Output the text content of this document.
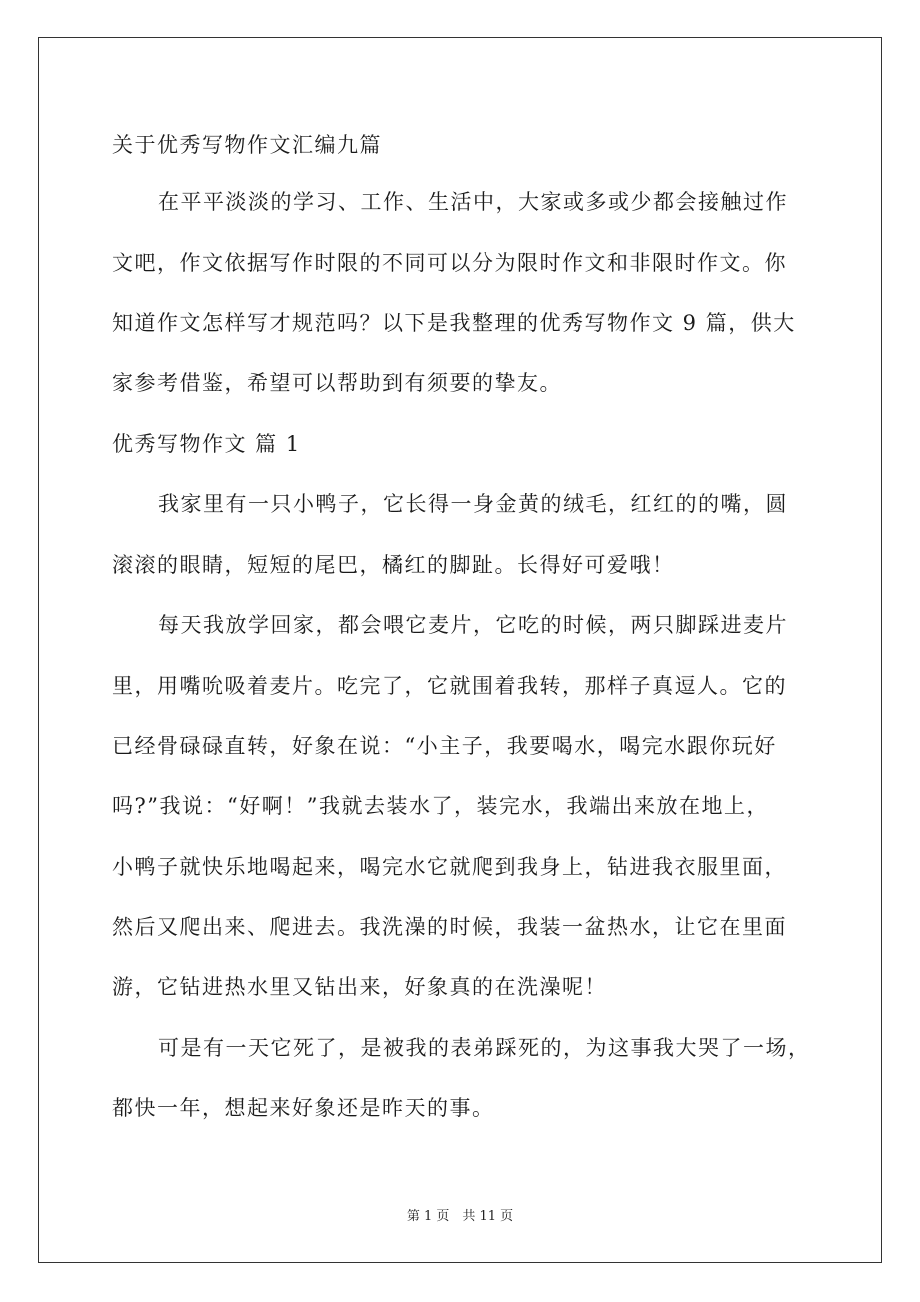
关于优秀写物作文汇编九篇
在平平淡淡的学习、工作、生活中，大家或多或少都会接触过作
文吧，作文依据写作时限的不同可以分为限时作文和非限时作文。你
知道作文怎样写才规范吗？以下是我整理的优秀写物作文 9 篇，供大
家参考借鉴，希望可以帮助到有须要的挚友。
优秀写物作文 篇 1
我家里有一只小鸭子，它长得一身金黄的绒毛，红红的的嘴，圆
滚滚的眼睛，短短的尾巴，橘红的脚趾。长得好可爱哦！
每天我放学回家，都会喂它麦片，它吃的时候，两只脚踩进麦片
里，用嘴吮吸着麦片。吃完了，它就围着我转，那样子真逗人。它的
已经骨碌碌直转，好象在说：“小主子，我要喝水，喝完水跟你玩好
吗?”我说：“好啊！”我就去装水了，装完水，我端出来放在地上，
小鸭子就快乐地喝起来，喝完水它就爬到我身上，钻进我衣服里面，
然后又爬出来、爬进去。我洗澡的时候，我装一盆热水，让它在里面
游，它钻进热水里又钻出来，好象真的在洗澡呢！
可是有一天它死了，是被我的表弟踩死的，为这事我大哭了一场，
都快一年，想起来好象还是昨天的事。
第 1 页　共 11 页
